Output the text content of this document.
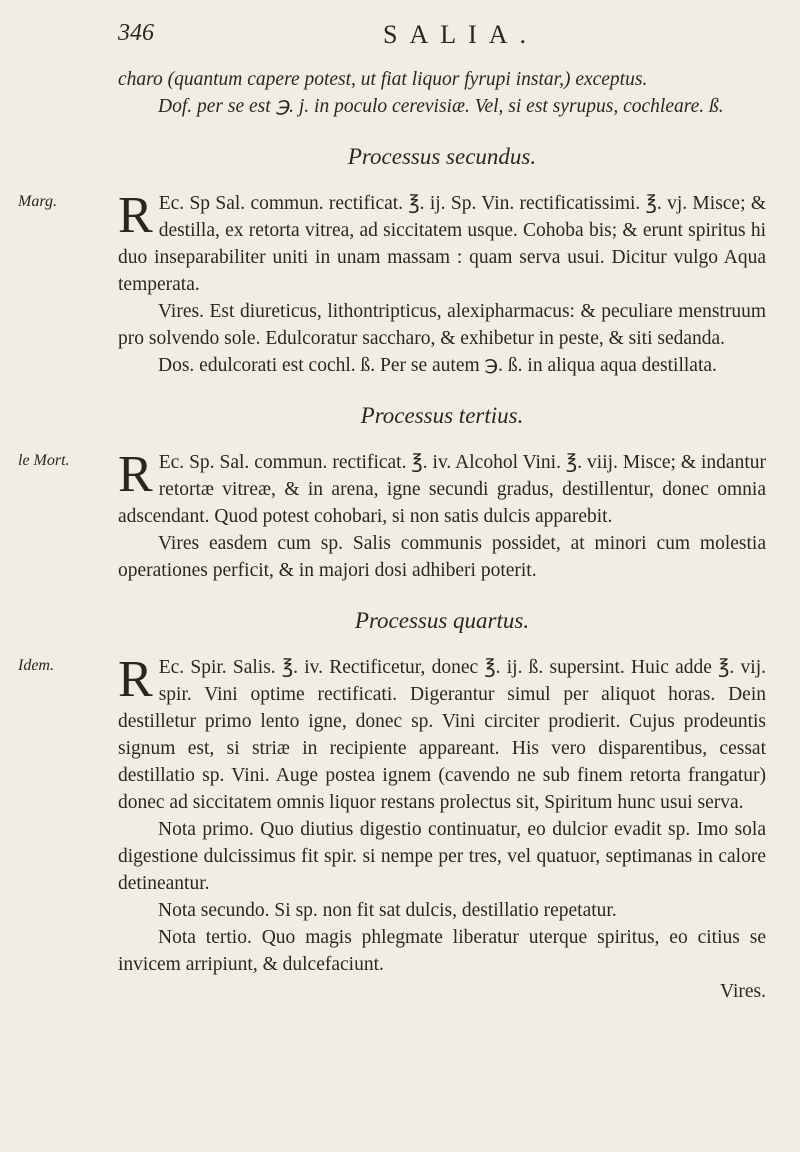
346	SALIA.

charo (quantum capere potest, ut fiat liquor fyrupi instar,) exceptus.

Dof. per se est ℈. j. in poculo cerevisiæ. Vel, si est syrupus, cochleare. ß.

Processus secundus.
Marg. R Ec. Sp Sal. commun. rectificat. ℥. ij. Sp. Vin. rectificatissimi. ℥. vj. Misce; & destilla, ex retorta vitrea, ad siccitatem usque. Cohoba bis; & erunt spiritus hi duo inseparabiliter uniti in unam massam : quam serva usui. Dicitur vulgo Aqua temperata.

Vires. Est diureticus, lithontripticus, alexipharmacus: & peculiare menstruum pro solvendo sole. Edulcoratur saccharo, & exhibetur in peste, & siti sedanda.

Dos. edulcorati est cochl. ß. Per se autem ℈. ß. in aliqua aqua destillata.

Processus tertius.
le Mort. R Ec. Sp. Sal. commun. rectificat. ℥. iv. Alcohol Vini. ℥. viij. Misce; & indantur retortæ vitreæ, & in arena, igne secundi gradus, destillentur, donec omnia adscendant. Quod potest cohobari, si non satis dulcis apparebit.

Vires easdem cum sp. Salis communis possidet, at minori cum molestia operationes perficit, & in majori dosi adhiberi poterit.

Processus quartus.
Idem. R Ec. Spir. Salis. ℥. iv. Rectificetur, donec ℥. ij. ß. supersint. Huic adde ℥. vij. spir. Vini optime rectificati. Digerantur simul per aliquot horas. Dein destilletur primo lento igne, donec sp. Vini circiter prodierit. Cujus prodeuntis signum est, si striæ in recipiente appareant. His vero disparentibus, cessat destillatio sp. Vini. Auge postea ignem (cavendo ne sub finem retorta frangatur) donec ad siccitatem omnis liquor restans prolectus sit, Spiritum hunc usui serva.

Nota primo. Quo diutius digestio continuatur, eo dulcior evadit sp. Imo sola digestione dulcissimus fit spir. si nempe per tres, vel quatuor, septimanas in calore detineantur.

Nota secundo. Si sp. non fit sat dulcis, destillatio repetatur.

Nota tertio. Quo magis phlegmate liberatur uterque spiritus, eo citius se invicem arripiunt, & dulcefaciunt.

Vires.
